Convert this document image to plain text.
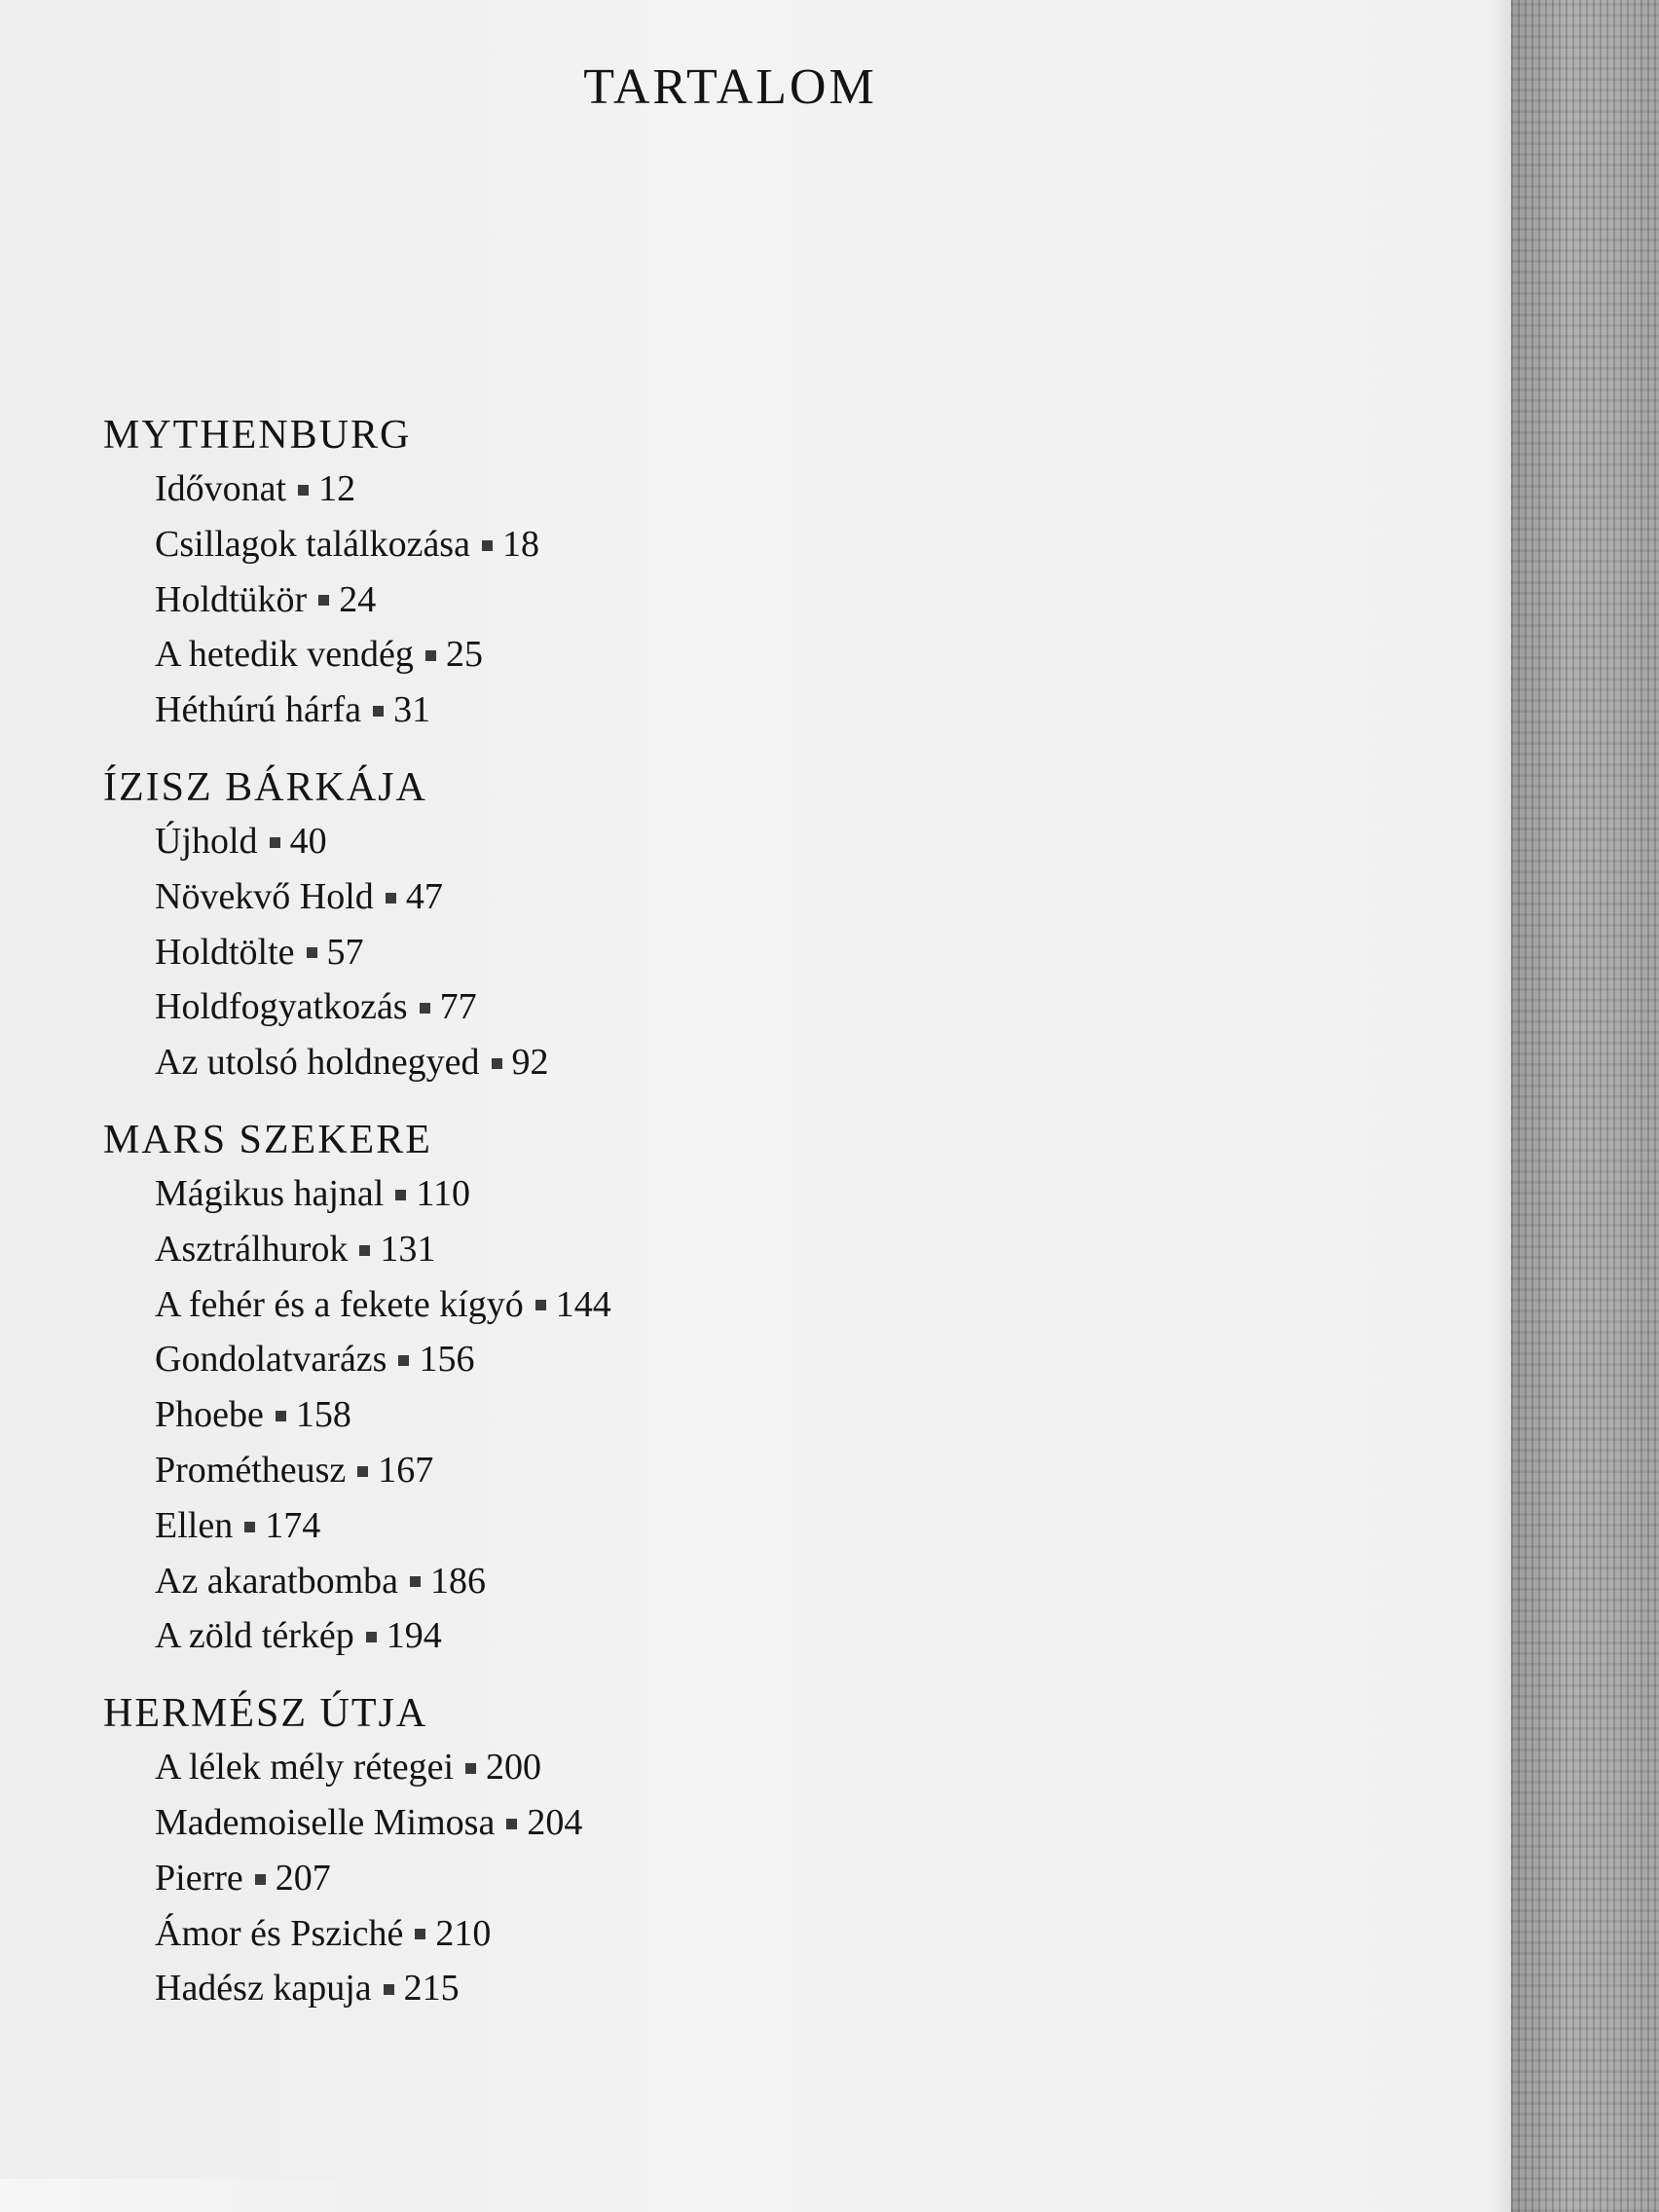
TARTALOM
MYTHENBURG
Idővonat 12
Csillagok találkozása 18
Holdtükör 24
A hetedik vendég 25
Héthúrú hárfa 31
ÍZISZ BÁRKÁJA
Újhold 40
Növekvő Hold 47
Holdtölte 57
Holdfogyatkozás 77
Az utolsó holdnegyed 92
MARS SZEKERE
Mágikus hajnal 110
Asztrálhurok 131
A fehér és a fekete kígyó 144
Gondolatvarázs 156
Phoebe 158
Prométheusz 167
Ellen 174
Az akaratbomba 186
A zöld térkép 194
HERMÉSZ ÚTJA
A lélek mély rétegei 200
Mademoiselle Mimosa 204
Pierre 207
Ámor és Psziché 210
Hadész kapuja 215
